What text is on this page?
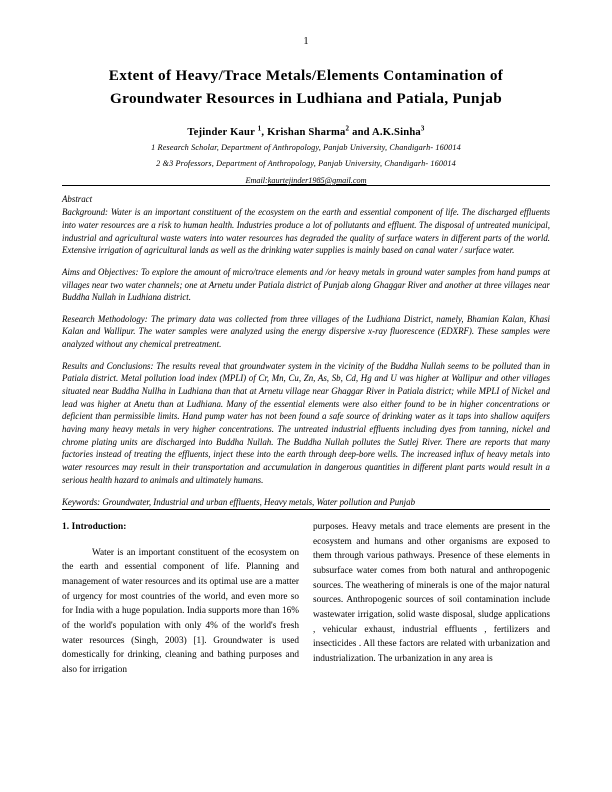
1
Extent of Heavy/Trace Metals/Elements Contamination of
Groundwater Resources in Ludhiana and Patiala, Punjab
Tejinder Kaur $^1$, Krishan Sharma$^2$ and A.K.Sinha$^3$
1 Research Scholar, Department of Anthropology, Panjab University, Chandigarh- 160014
2 &3 Professors, Department of Anthropology, Panjab University, Chandigarh- 160014
Email:kaurtejinder1985@gmail.com
Abstract

Background: Water is an important constituent of the ecosystem on the earth and essential component of life. The discharged effluents into water resources are a risk to human health. Industries produce a lot of pollutants and effluent. The disposal of untreated municipal, industrial and agricultural waste waters into water resources has degraded the quality of surface waters in different parts of the world. Extensive irrigation of agricultural lands as well as the drinking water supplies is mainly based on canal water / surface water.

Aims and Objectives: To explore the amount of micro/trace elements and /or heavy metals in ground water samples from hand pumps at villages near two water channels; one at Arnetu under Patiala district of Punjab along Ghaggar River and another at three villages near Buddha Nullah in Ludhiana district.

Research Methodology: The primary data was collected from three villages of the Ludhiana District, namely, Bhamian Kalan, Khasi Kalan and Wallipur. The water samples were analyzed using the energy dispersive x-ray fluorescence (EDXRF). These samples were analyzed without any chemical pretreatment.

Results and Conclusions: The results reveal that groundwater system in the vicinity of the Buddha Nullah seems to be polluted than in Patiala district. Metal pollution load index (MPLI) of Cr, Mn, Cu, Zn, As, Sb, Cd, Hg and U was higher at Wallipur and other villages situated near Buddha Nullha in Ludhiana than that at Arnetu village near Ghaggar River in Patiala district; while MPLI of Nickel and lead was higher at Anetu than at Ludhiana. Many of the essential elements were also either found to be in higher concentrations or deficient than permissible limits. Hand pump water has not been found a safe source of drinking water as it taps into shallow aquifers having many heavy metals in very higher concentrations. The untreated industrial effluents including dyes from tanning, nickel and chrome plating units are discharged into Buddha Nullah. The Buddha Nullah pollutes the Sutlej River. There are reports that many factories instead of treating the effluents, inject these into the earth through deep-bore wells. The increased influx of heavy metals into water resources may result in their transportation and accumulation in dangerous quantities in different plant parts would result in a serious health hazard to animals and ultimately humans.

Keywords: Groundwater, Industrial and urban effluents, Heavy metals, Water pollution and Punjab

1. Introduction:

Water is an important constituent of the ecosystem on the earth and essential component of life. Planning and management of water resources and its optimal use are a matter of urgency for most countries of the world, and even more so for India with a huge population. India supports more than 16% of the world's population with only 4% of the world's fresh water resources (Singh, 2003) [1]. Groundwater is used domestically for drinking, cleaning and bathing purposes and also for irrigation

purposes. Heavy metals and trace elements are present in the ecosystem and humans and other organisms are exposed to them through various pathways. Presence of these elements in subsurface water comes from both natural and anthropogenic sources. The weathering of minerals is one of the major natural sources. Anthropogenic sources of soil contamination include wastewater irrigation, solid waste disposal, sludge applications , vehicular exhaust, industrial effluents , fertilizers and insecticides . All these factors are related with urbanization and industrialization. The urbanization in any area is
